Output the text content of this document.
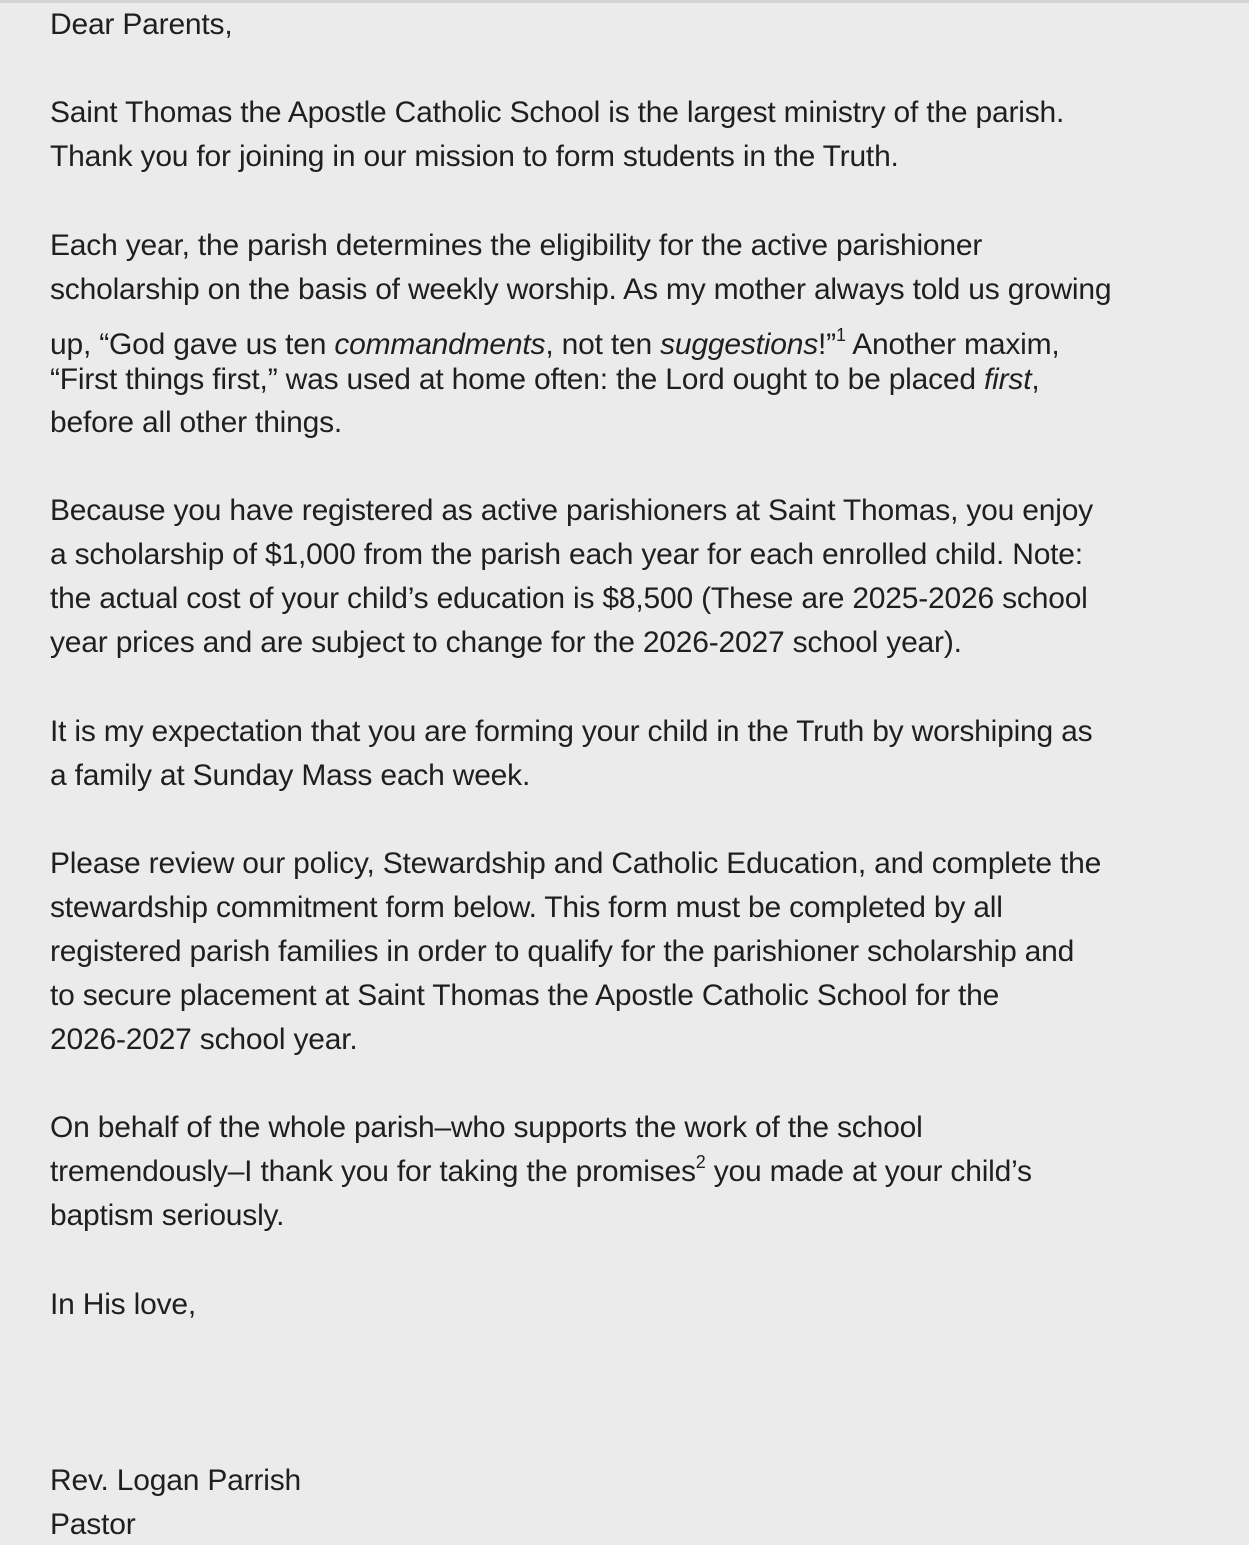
Dear Parents,
Saint Thomas the Apostle Catholic School is the largest ministry of the parish.
Thank you for joining in our mission to form students in the Truth.
Each year, the parish determines the eligibility for the active parishioner
scholarship on the basis of weekly worship. As my mother always told us growing
up, “God gave us ten commandments, not ten suggestions!”$^1$ Another maxim,
“First things first,” was used at home often: the Lord ought to be placed first,
before all other things.
Because you have registered as active parishioners at Saint Thomas, you enjoy
a scholarship of $1,000 from the parish each year for each enrolled child. Note:
the actual cost of your child’s education is $8,500 (These are 2025-2026 school
year prices and are subject to change for the 2026-2027 school year).
It is my expectation that you are forming your child in the Truth by worshiping as
a family at Sunday Mass each week.
Please review our policy, Stewardship and Catholic Education, and complete the
stewardship commitment form below. This form must be completed by all
registered parish families in order to qualify for the parishioner scholarship and
to secure placement at Saint Thomas the Apostle Catholic School for the
2026-2027 school year.
On behalf of the whole parish–who supports the work of the school
tremendously–I thank you for taking the promises$^2$ you made at your child’s
baptism seriously.
In His love,
Rev. Logan Parrish
Pastor
